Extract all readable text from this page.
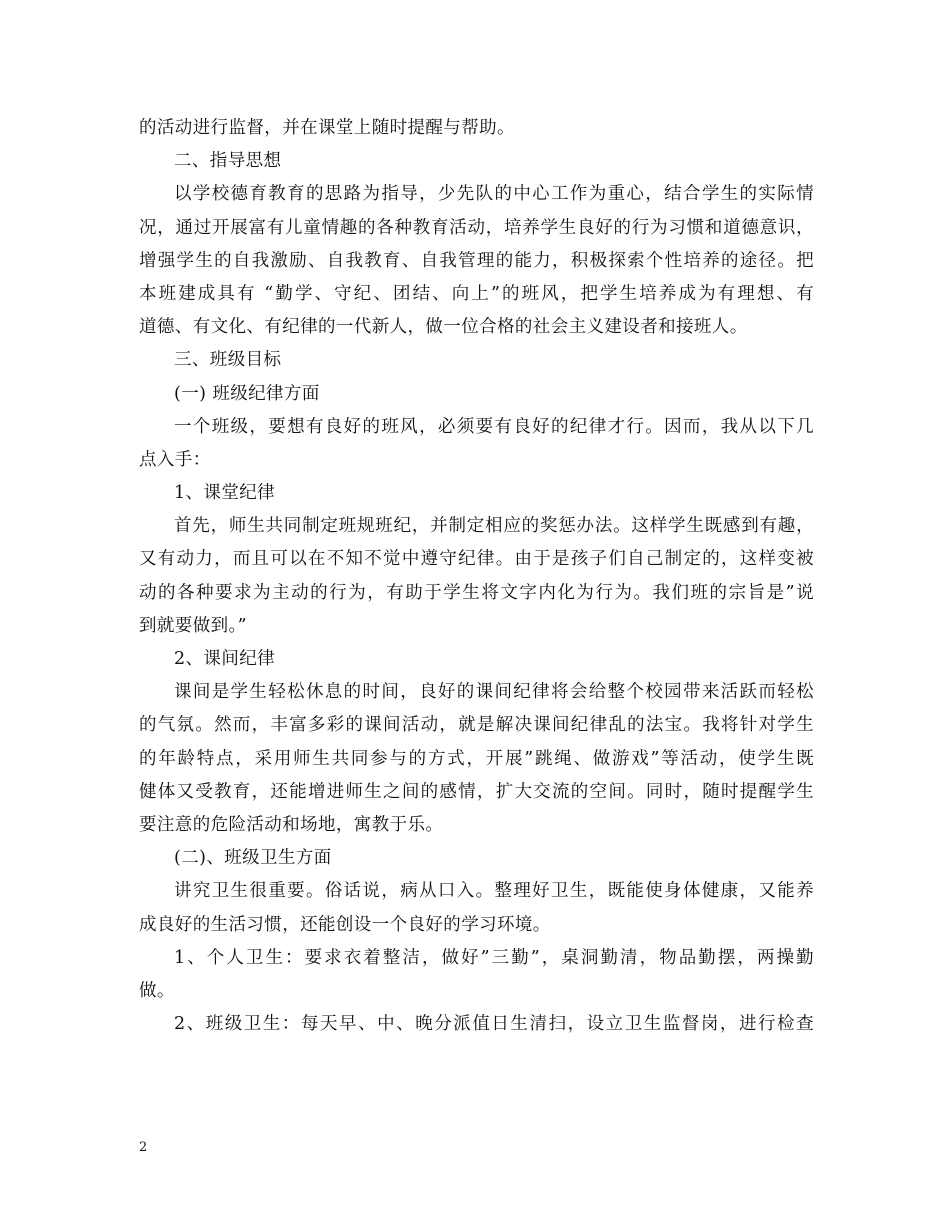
的活动进行监督，并在课堂上随时提醒与帮助。
二、指导思想
以学校德育教育的思路为指导，少先队的中心工作为重心，结合学生的实际情
况，通过开展富有儿童情趣的各种教育活动，培养学生良好的行为习惯和道德意识，
增强学生的自我激励、自我教育、自我管理的能力，积极探索个性培养的途径。把
本班建成具有 “勤学、守纪、团结、向上”的班风，把学生培养成为有理想、有
道德、有文化、有纪律的一代新人，做一位合格的社会主义建设者和接班人。
三、班级目标
(一) 班级纪律方面
一个班级，要想有良好的班风，必须要有良好的纪律才行。因而，我从以下几
点入手：
1、课堂纪律
首先，师生共同制定班规班纪，并制定相应的奖惩办法。这样学生既感到有趣，
又有动力，而且可以在不知不觉中遵守纪律。由于是孩子们自己制定的，这样变被
动的各种要求为主动的行为，有助于学生将文字内化为行为。我们班的宗旨是”说
到就要做到。”
2、课间纪律
课间是学生轻松休息的时间，良好的课间纪律将会给整个校园带来活跃而轻松
的气氛。然而，丰富多彩的课间活动，就是解决课间纪律乱的法宝。我将针对学生
的年龄特点，采用师生共同参与的方式，开展”跳绳、做游戏”等活动，使学生既
健体又受教育，还能增进师生之间的感情，扩大交流的空间。同时，随时提醒学生
要注意的危险活动和场地，寓教于乐。
(二)、班级卫生方面
讲究卫生很重要。俗话说，病从口入。整理好卫生，既能使身体健康，又能养
成良好的生活习惯，还能创设一个良好的学习环境。
1、个人卫生：要求衣着整洁，做好”三勤”，桌洞勤清，物品勤摆，两操勤
做。
2、班级卫生：每天早、中、晚分派值日生清扫，设立卫生监督岗，进行检查
2
